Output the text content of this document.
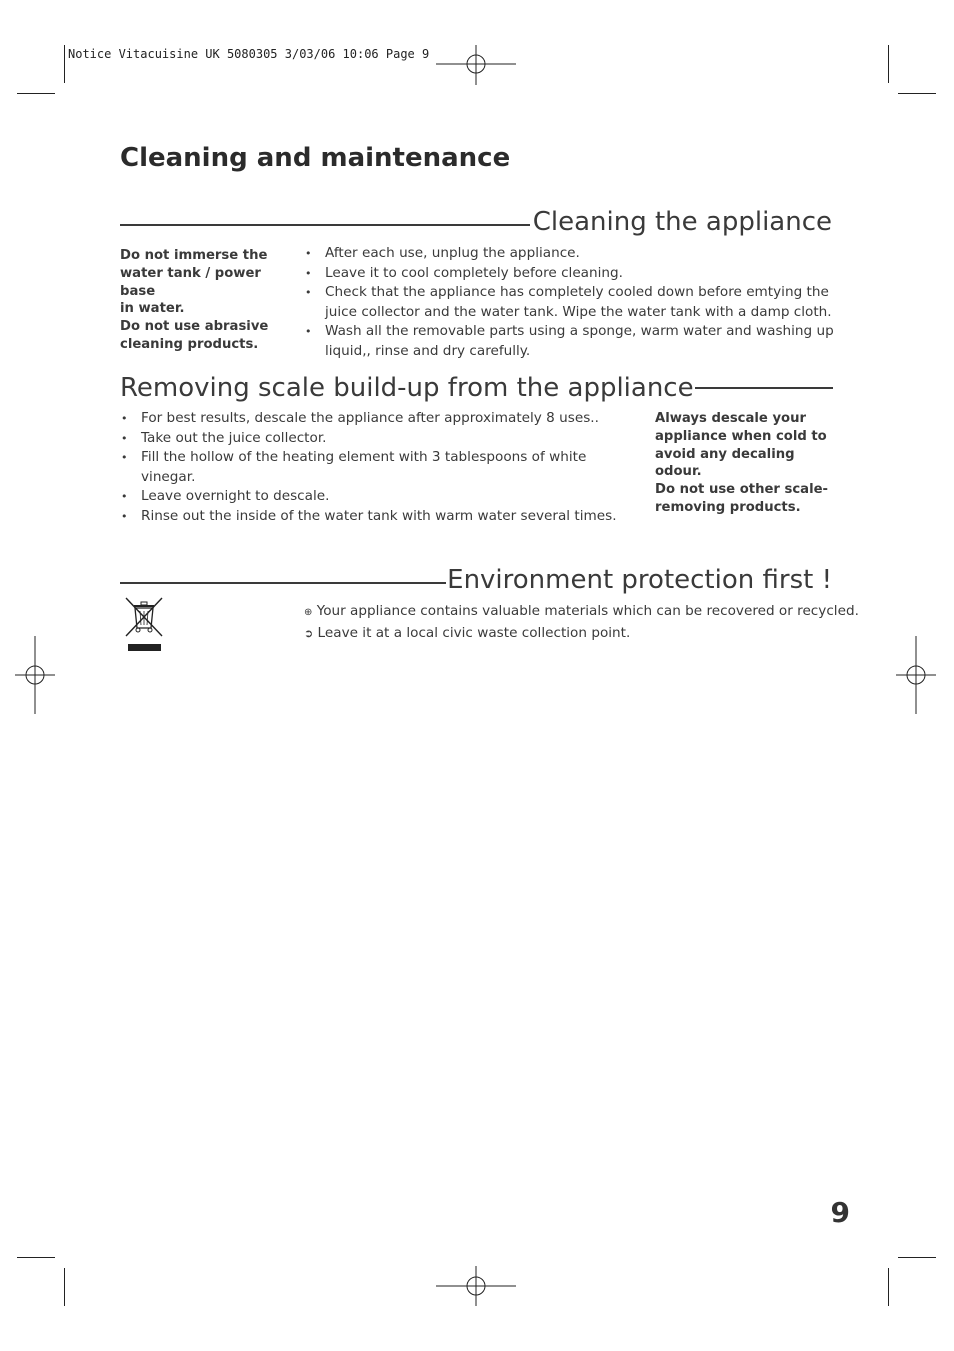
Notice Vitacuisine UK 5080305 3/03/06 10:06 Page 9
Cleaning and maintenance
Cleaning the appliance
Do not immerse the
water tank / power base
in water.
Do not use abrasive
cleaning products.
• After each use, unplug the appliance.
• Leave it to cool completely before cleaning.
• Check that the appliance has completely cooled down before emtying the juice collector and the water tank. Wipe the water tank with a damp cloth.
• Wash all the removable parts using a sponge, warm water and washing up liquid,, rinse and dry carefully.
Removing scale build-up from the appliance
• For best results, descale the appliance after approximately 8 uses..
• Take out the juice collector.
• Fill the hollow of the heating element with 3 tablespoons of white vinegar.
• Leave overnight to descale.
• Rinse out the inside of the water tank with warm water several times.
Always descale your
appliance when cold to
avoid any decaling odour.
Do not use other scale-
removing products.
Environment protection first !
⊕ Your appliance contains valuable materials which can be recovered or recycled.
➲ Leave it at a local civic waste collection point.
9
